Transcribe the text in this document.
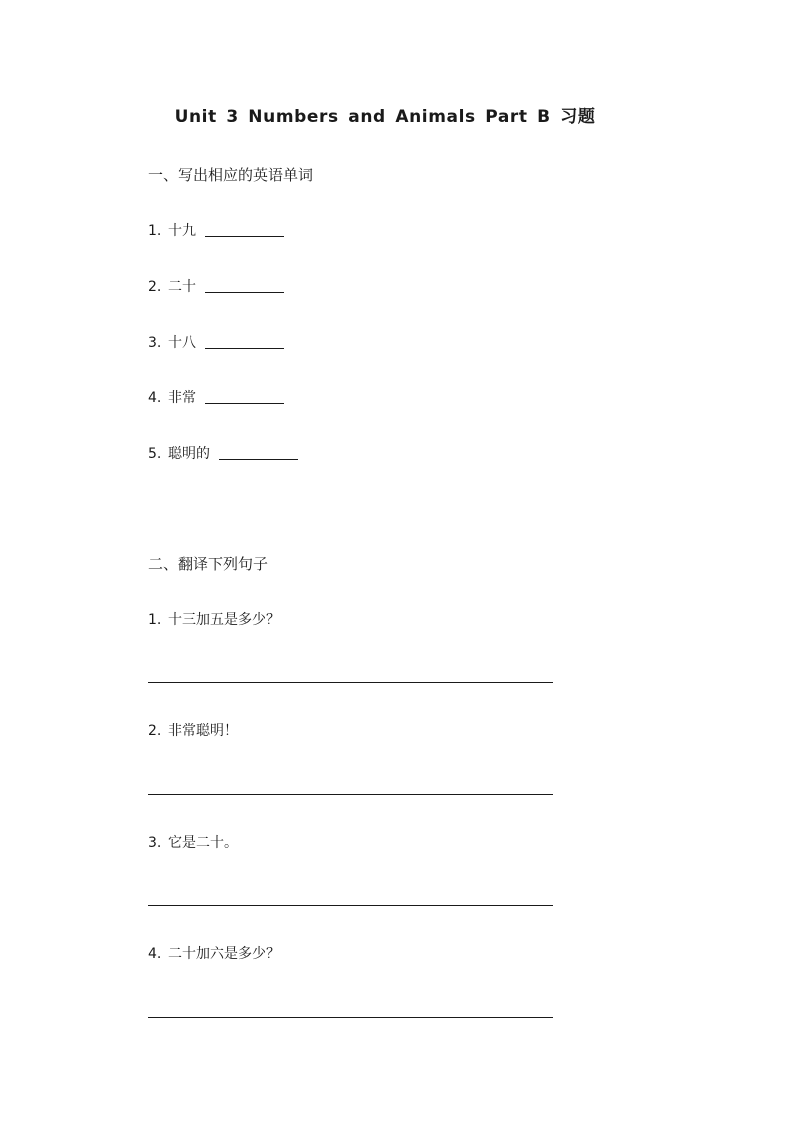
Unit 3 Numbers and Animals Part B 习题
一、写出相应的英语单词
1. 十九
2. 二十
3. 十八
4. 非常
5. 聪明的
二、翻译下列句子
1. 十三加五是多少？
2. 非常聪明！
3. 它是二十。
4. 二十加六是多少？
